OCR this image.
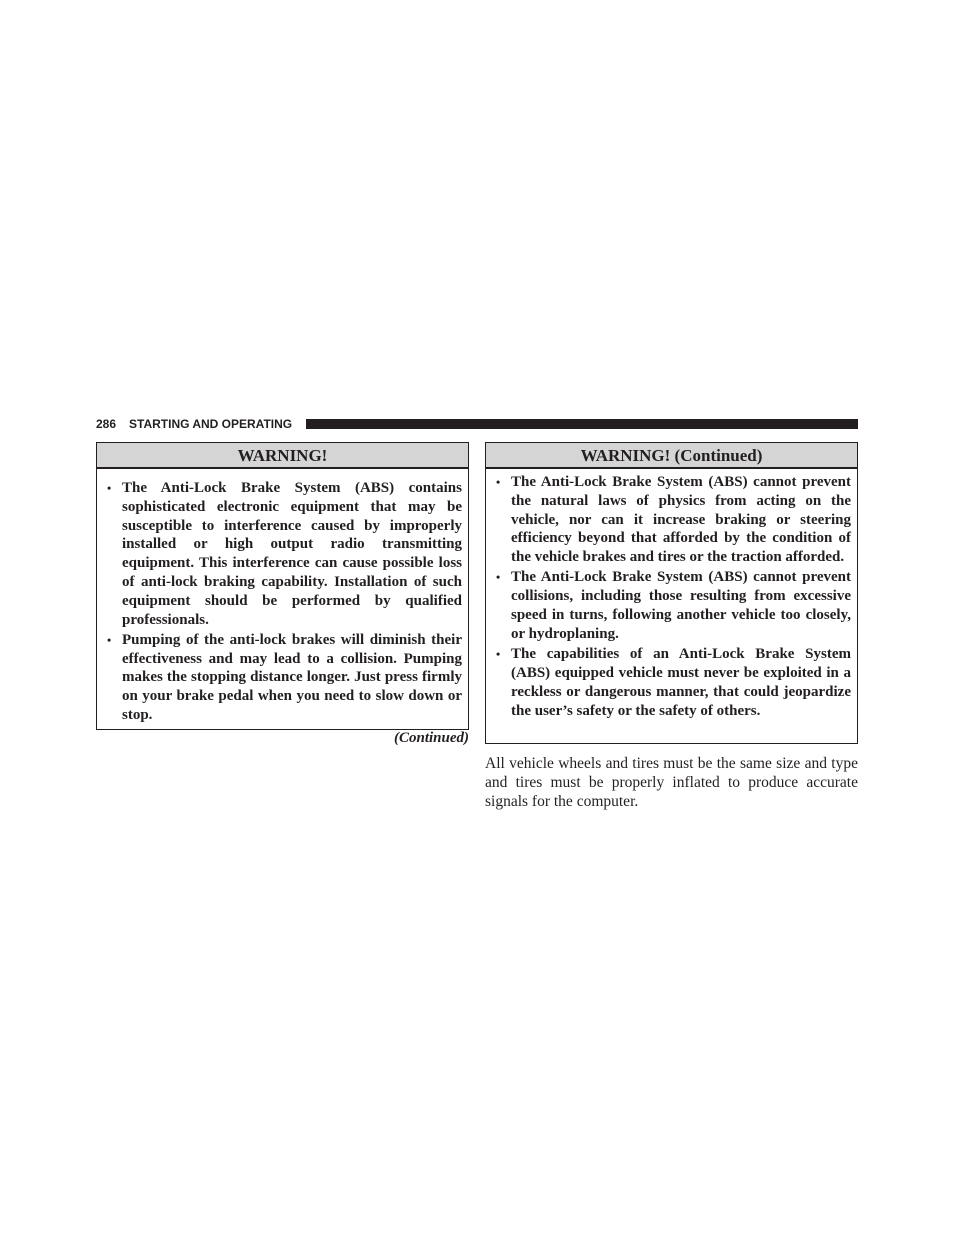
286 STARTING AND OPERATING
WARNING!
• The Anti-Lock Brake System (ABS) contains sophisticated electronic equipment that may be susceptible to interference caused by improperly installed or high output radio transmitting equipment. This interference can cause possible loss of anti-lock braking capability. Installation of such equipment should be performed by qualified professionals.
• Pumping of the anti-lock brakes will diminish their effectiveness and may lead to a collision. Pumping makes the stopping distance longer. Just press firmly on your brake pedal when you need to slow down or stop.
(Continued)
WARNING! (Continued)
• The Anti-Lock Brake System (ABS) cannot prevent the natural laws of physics from acting on the vehicle, nor can it increase braking or steering efficiency beyond that afforded by the condition of the vehicle brakes and tires or the traction afforded.
• The Anti-Lock Brake System (ABS) cannot prevent collisions, including those resulting from excessive speed in turns, following another vehicle too closely, or hydroplaning.
• The capabilities of an Anti-Lock Brake System (ABS) equipped vehicle must never be exploited in a reckless or dangerous manner, that could jeopardize the user’s safety or the safety of others.

All vehicle wheels and tires must be the same size and type and tires must be properly inflated to produce accurate signals for the computer.
